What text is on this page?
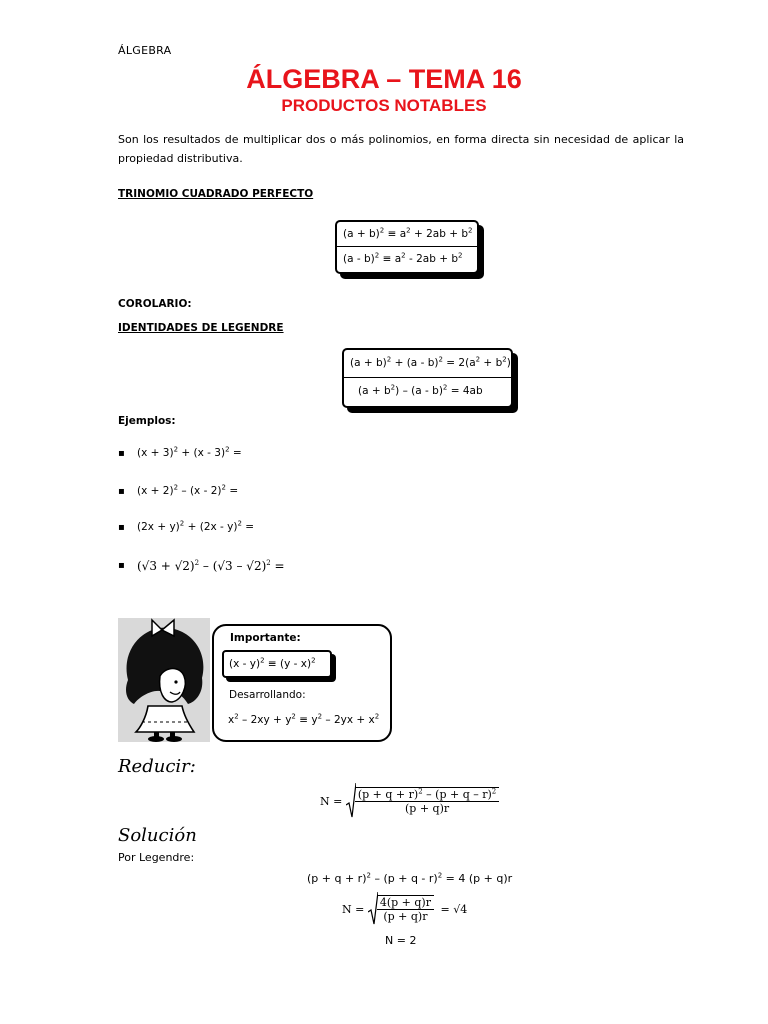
ÁLGEBRA
ÁLGEBRA – TEMA 16
PRODUCTOS NOTABLES
Son los resultados de multiplicar dos o más polinomios, en forma directa sin necesidad de aplicar la propiedad distributiva.
TRINOMIO CUADRADO PERFECTO
$(a + b)^2 \equiv a^2 + 2ab + b^2$
$(a - b)^2 \equiv a^2 - 2ab + b^2$
COROLARIO:
IDENTIDADES DE LEGENDRE
$(a + b)^2 + (a - b)^2 = 2(a^2 + b^2)$
$(a + b^2) - (a - b)^2 = 4ab$
Ejemplos:
▪ $(x + 3)^2 + (x - 3)^2$ =
▪ $(x + 2)^2 - (x - 2)^2$ =
▪ $(2x + y)^2 + (2x - y)^2$ =
▪ $(√3 + √2)^2 - (√3 - √2)^2$ =
Importante:
(x - y)$^2$ ≡ (y - x)$^2$
Desarrollando:
$x^2 - 2xy + y^2 \equiv y^2 - 2yx + x^2$
Reducir:
$N = \frac{(p + q + r)^2 - (p + q - r)^2}{(p + q)r}$
Solución
Por Legendre:
$(p + q + r)^2 - (p + q - r)^2 = 4$ (p + q)r
$N = \frac{4(p + q)r}{(p + q)r} = √4$
N = 2
